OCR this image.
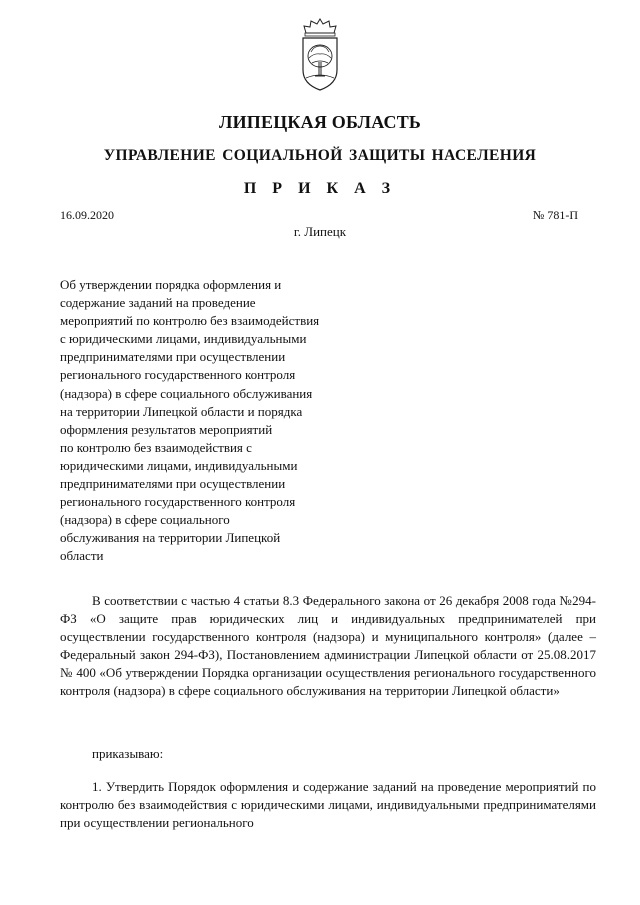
ЛИПЕЦКАЯ ОБЛАСТЬ
УПРАВЛЕНИЕ СОЦИАЛЬНОЙ ЗАЩИТЫ НАСЕЛЕНИЯ
П Р И К А З
16.09.2020	№ 781-П
г. Липецк
Об утверждении порядка оформления и
содержание заданий на проведение
мероприятий по контролю без взаимодействия
с юридическими лицами, индивидуальными
предпринимателями при осуществлении
регионального государственного контроля
(надзора) в сфере социального обслуживания
на территории Липецкой области и порядка
оформления результатов мероприятий
по контролю без взаимодействия с
юридическими лицами, индивидуальными
предпринимателями при осуществлении
регионального государственного контроля
(надзора) в сфере социального
обслуживания на территории Липецкой
области
В соответствии с частью 4 статьи 8.3 Федерального закона от 26 декабря 2008 года №294-ФЗ «О защите прав юридических лиц и индивидуальных предпринимателей при осуществлении государственного контроля (надзора) и муниципального контроля» (далее – Федеральный закон 294-ФЗ), Постановлением администрации Липецкой области от 25.08.2017 № 400 «Об утверждении Порядка организации осуществления регионального государственного контроля (надзора) в сфере социального обслуживания на территории Липецкой области»
приказываю:
1. Утвердить Порядок оформления и содержание заданий на проведение мероприятий по контролю без взаимодействия с юридическими лицами, индивидуальными предпринимателями при осуществлении регионального
